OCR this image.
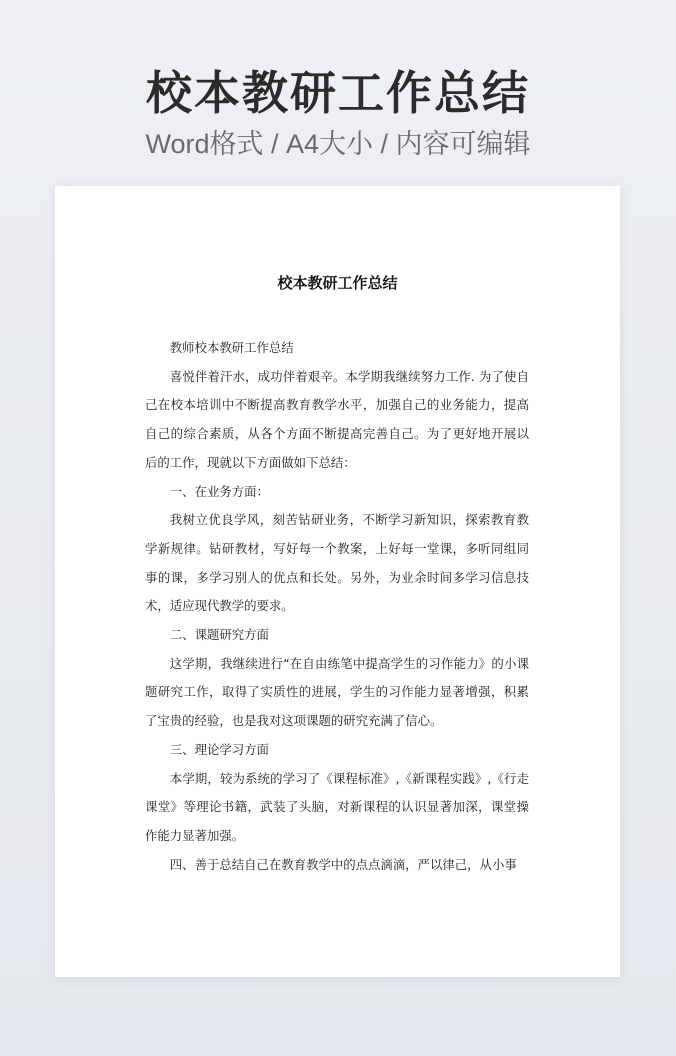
校本教研工作总结
Word格式 / A4大小 / 内容可编辑
校本教研工作总结

教师校本教研工作总结

喜悦伴着汗水，成功伴着艰辛。本学期我继续努力工作. 为了使自己在校本培训中不断提高教育教学水平，加强自己的业务能力，提高自己的综合素质，从各个方面不断提高完善自己。为了更好地开展以后的工作，现就以下方面做如下总结：

一、在业务方面：

我树立优良学风，刻苦钻研业务，不断学习新知识，探索教育教学新规律。钻研教材，写好每一个教案，上好每一堂课，多听同组同事的课，多学习别人的优点和长处。另外，为业余时间多学习信息技术，适应现代教学的要求。

二、课题研究方面

这学期，我继续进行“在自由练笔中提高学生的习作能力》的小课题研究工作，取得了实质性的进展，学生的习作能力显著增强，积累了宝贵的经验，也是我对这项课题的研究充满了信心。

三、理论学习方面

本学期，较为系统的学习了《课程标准》,《新课程实践》,《行走课堂》等理论书籍，武装了头脑，对新课程的认识显著加深，课堂操作能力显著加强。

四、善于总结自己在教育教学中的点点滴滴，严以律己，从小事
